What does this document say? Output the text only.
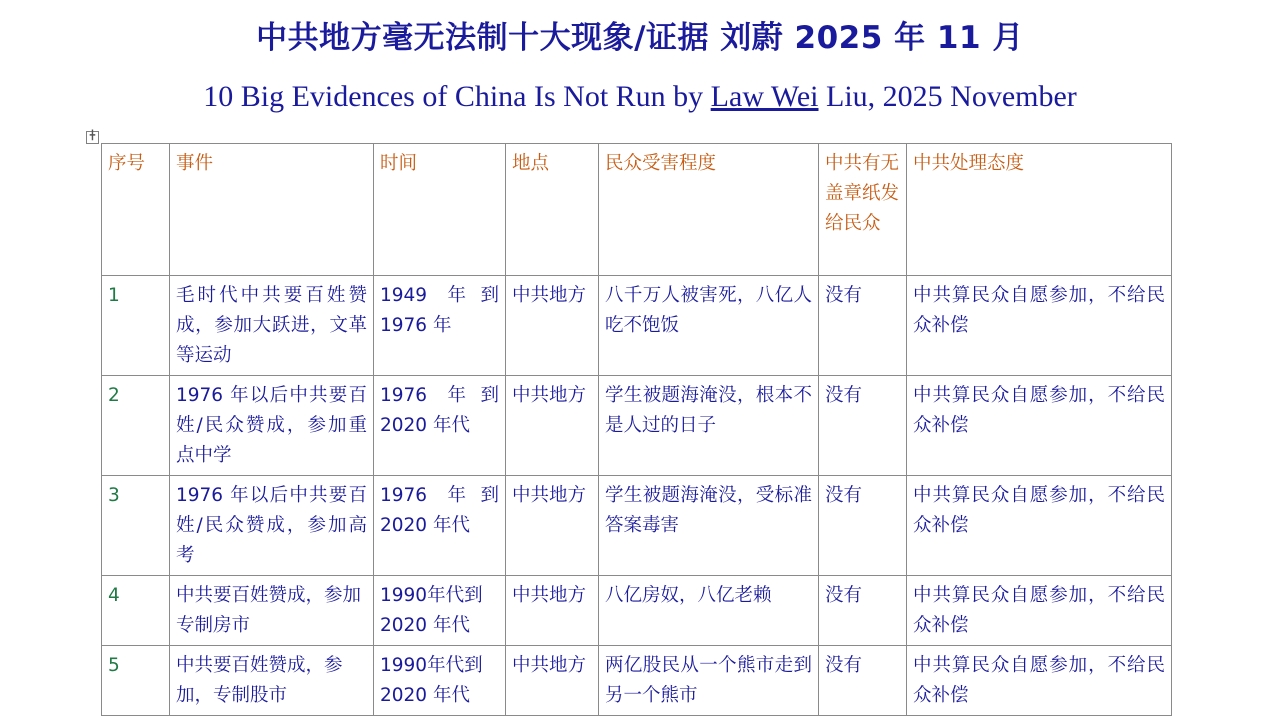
中共地方毫无法制十大现象/证据 刘蔚 2025 年 11 月
10 Big Evidences of China Is Not Run by Law Wei Liu, 2025 November
╋
序号	事件	时间	地点	民众受害程度	中共有无盖章纸发给民众	中共处理态度
1	毛时代中共要百姓赞成，参加大跃进，文革等运动	1949 年到 1976 年	中共地方	八千万人被害死，八亿人吃不饱饭	没有	中共算民众自愿参加，不给民众补偿
2	1976 年以后中共要百姓/民众赞成，参加重点中学	1976 年到 2020 年代	中共地方	学生被题海淹没，根本不是人过的日子	没有	中共算民众自愿参加，不给民众补偿
3	1976 年以后中共要百姓/民众赞成，参加高考	1976 年到 2020 年代	中共地方	学生被题海淹没，受标准答案毒害	没有	中共算民众自愿参加，不给民众补偿
4	中共要百姓赞成，参加专制房市	1990年代到2020 年代	中共地方	八亿房奴，八亿老赖	没有	中共算民众自愿参加，不给民众补偿
5	中共要百姓赞成，参加，专制股市	1990年代到2020 年代	中共地方	两亿股民从一个熊市走到另一个熊市	没有	中共算民众自愿参加，不给民众补偿
